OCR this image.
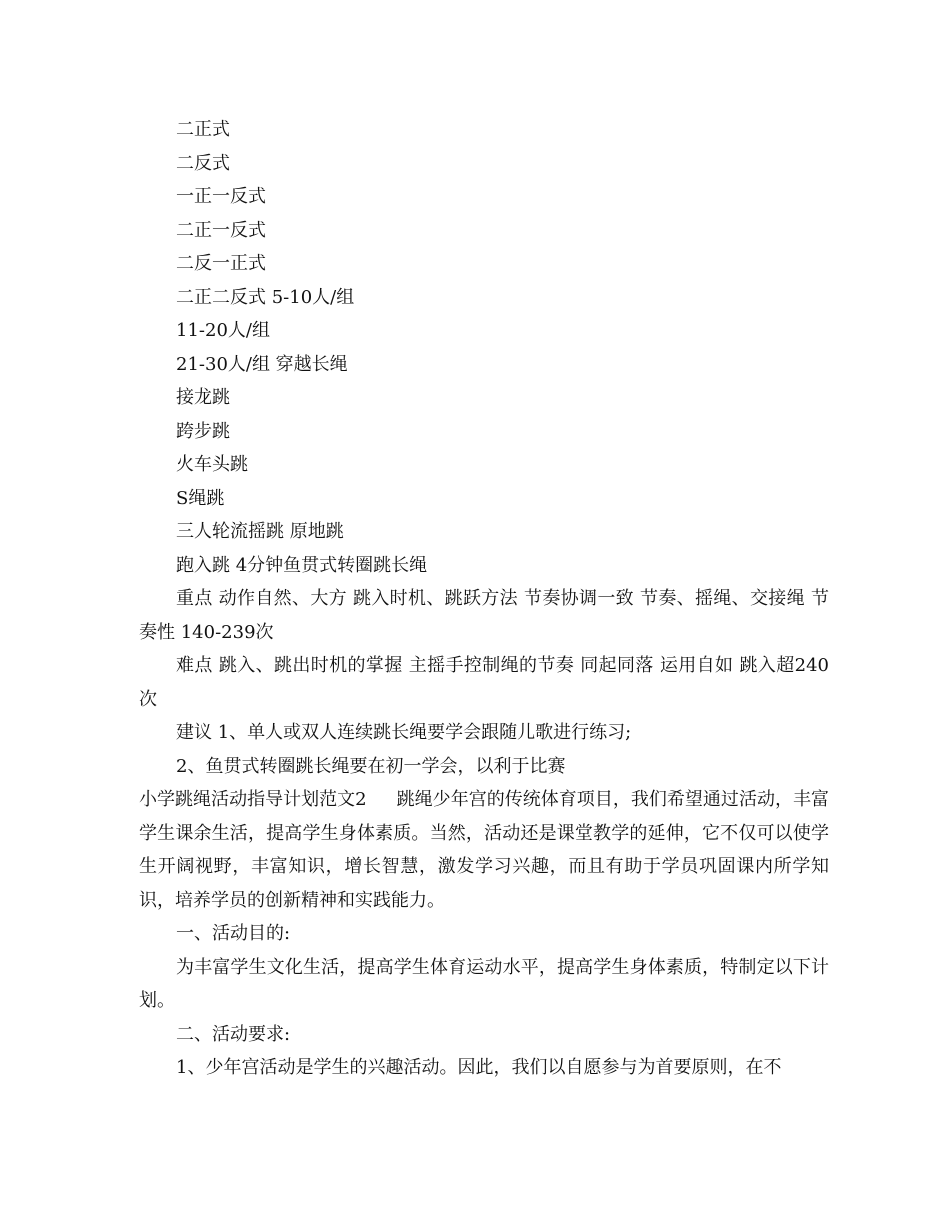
二正式
二反式
一正一反式
二正一反式
二反一正式
二正二反式 5-10人/组
11-20人/组
21-30人/组 穿越长绳
接龙跳
跨步跳
火车头跳
S绳跳
三人轮流摇跳 原地跳
跑入跳 4分钟鱼贯式转圈跳长绳

重点 动作自然、大方 跳入时机、跳跃方法 节奏协调一致 节奏、摇绳、交接绳 节奏性 140-239次

难点 跳入、跳出时机的掌握 主摇手控制绳的节奏 同起同落 运用自如 跳入超240次

建议 1、单人或双人连续跳长绳要学会跟随儿歌进行练习;
2、鱼贯式转圈跳长绳要在初一学会，以利于比赛

小学跳绳活动指导计划范文2 跳绳少年宫的传统体育项目，我们希望通过活动，丰富学生课余生活，提高学生身体素质。当然，活动还是课堂教学的延伸，它不仅可以使学生开阔视野，丰富知识，增长智慧，激发学习兴趣，而且有助于学员巩固课内所学知识，培养学员的创新精神和实践能力。

一、活动目的:

为丰富学生文化生活，提高学生体育运动水平，提高学生身体素质，特制定以下计划。

二、活动要求:
1、少年宫活动是学生的兴趣活动。因此，我们以自愿参与为首要原则，在不
